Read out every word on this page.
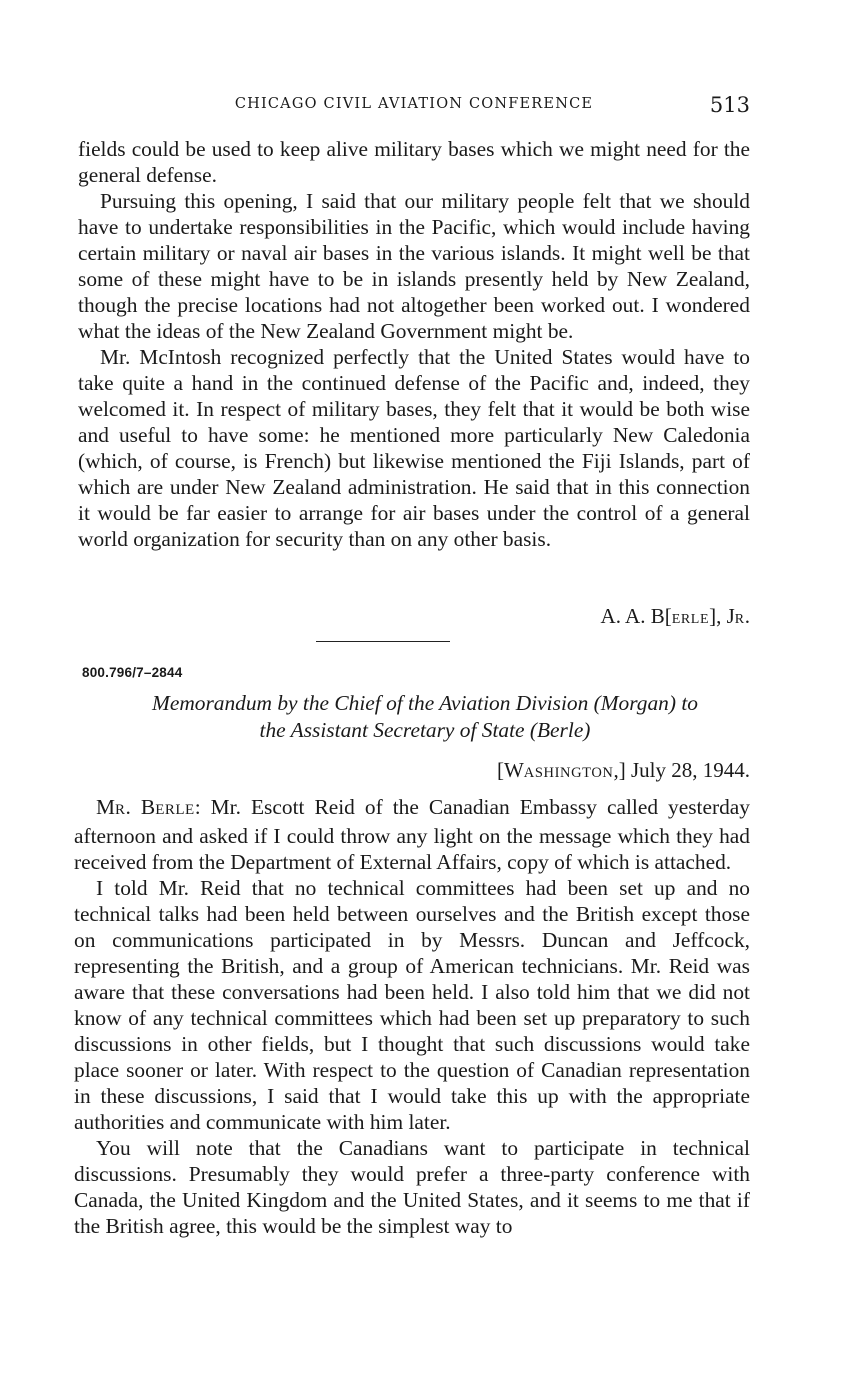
CHICAGO CIVIL AVIATION CONFERENCE	513

fields could be used to keep alive military bases which we might need for the general defense.

Pursuing this opening, I said that our military people felt that we should have to undertake responsibilities in the Pacific, which would include having certain military or naval air bases in the various islands. It might well be that some of these might have to be in islands presently held by New Zealand, though the precise locations had not altogether been worked out. I wondered what the ideas of the New Zealand Government might be.

Mr. McIntosh recognized perfectly that the United States would have to take quite a hand in the continued defense of the Pacific and, indeed, they welcomed it. In respect of military bases, they felt that it would be both wise and useful to have some: he mentioned more particularly New Caledonia (which, of course, is French) but likewise mentioned the Fiji Islands, part of which are under New Zealand administration. He said that in this connection it would be far easier to arrange for air bases under the control of a general world organization for security than on any other basis.

A. A. B[ERLE], JR.
800.796/7–2844
Memorandum by the Chief of the Aviation Division (Morgan) to
the Assistant Secretary of State (Berle)
[WASHINGTON,] July 28, 1944.

MR. BERLE: Mr. Escott Reid of the Canadian Embassy called yesterday afternoon and asked if I could throw any light on the message which they had received from the Department of External Affairs, copy of which is attached.

I told Mr. Reid that no technical committees had been set up and no technical talks had been held between ourselves and the British except those on communications participated in by Messrs. Duncan and Jeffcock, representing the British, and a group of American technicians. Mr. Reid was aware that these conversations had been held. I also told him that we did not know of any technical committees which had been set up preparatory to such discussions in other fields, but I thought that such discussions would take place sooner or later. With respect to the question of Canadian representation in these discussions, I said that I would take this up with the appropriate authorities and communicate with him later.

You will note that the Canadians want to participate in technical discussions. Presumably they would prefer a three-party conference with Canada, the United Kingdom and the United States, and it seems to me that if the British agree, this would be the simplest way to
